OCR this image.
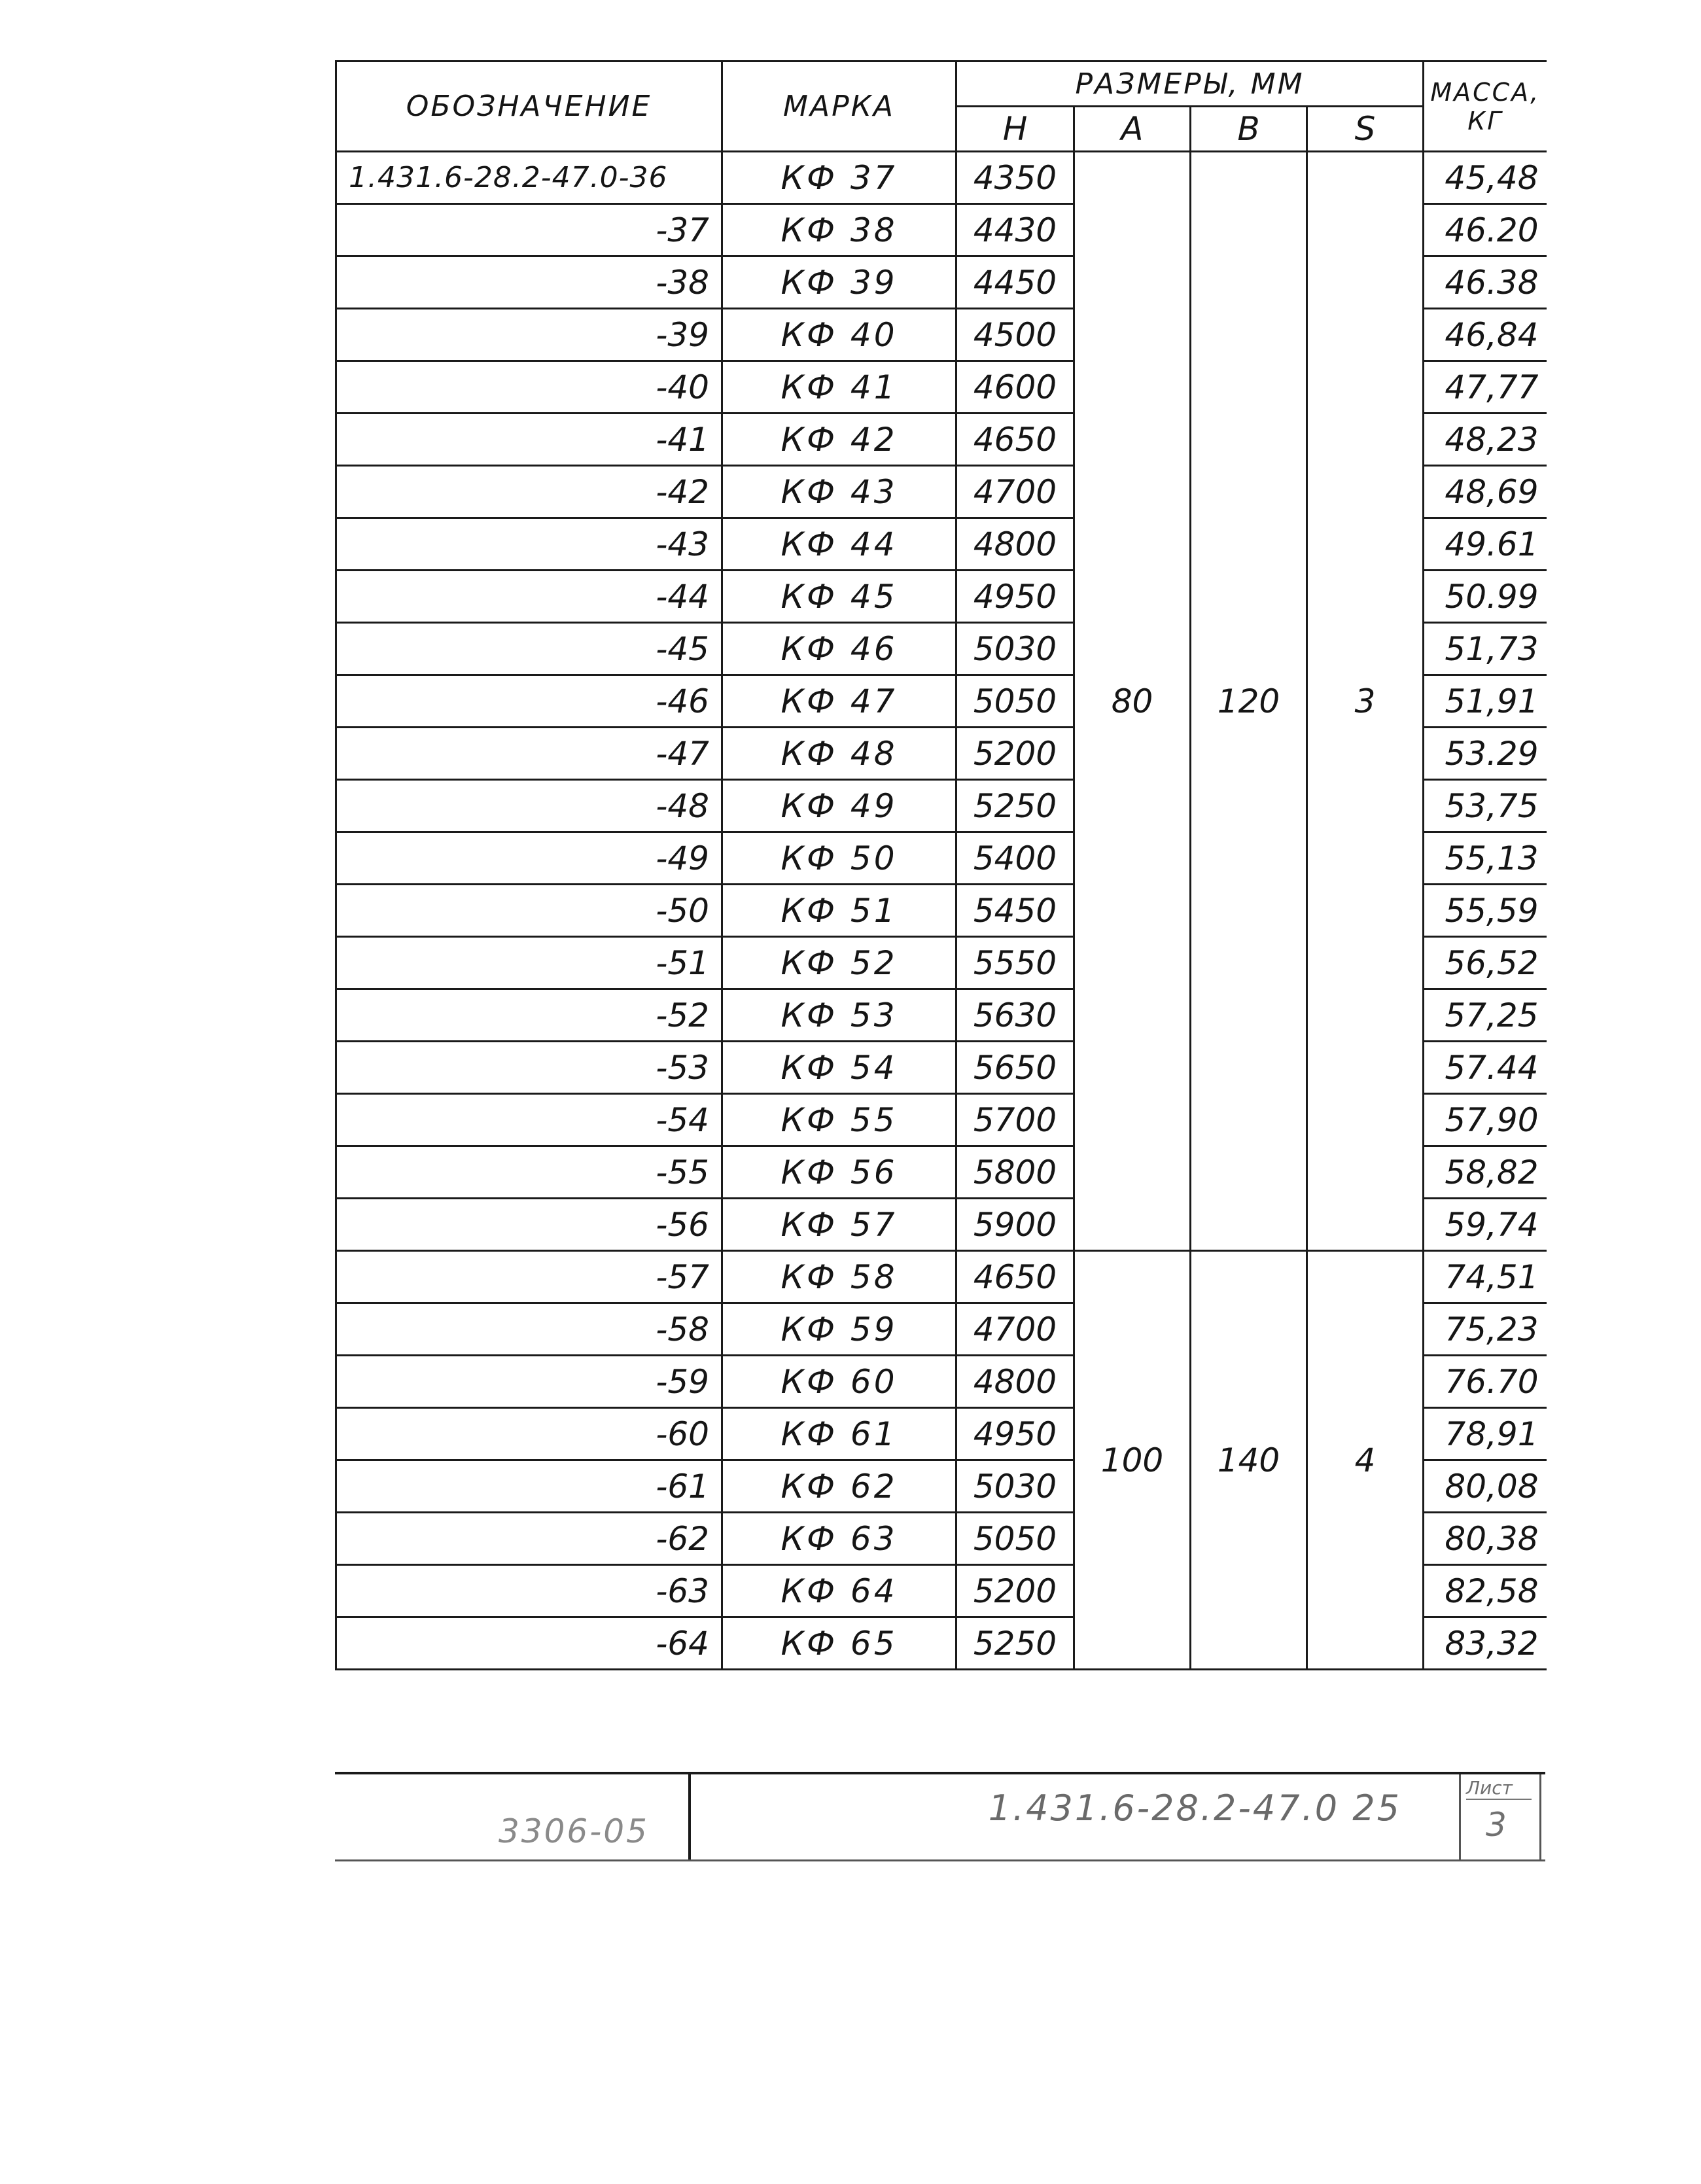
ОБОЗНАЧЕНИЕ	МАРКА	РАЗМЕРЫ, ММ				МАССА, КГ
		H	A	В	S	
1.431.6-28.2-47.0-36	КФ 37	4350	80	120	3	45,48
-37	КФ 38	4430				46.20
-38	КФ 39	4450				46.38
-39	КФ 40	4500				46,84
-40	КФ 41	4600				47,77
-41	КФ 42	4650				48,23
-42	КФ 43	4700				48,69
-43	КФ 44	4800				49.61
-44	КФ 45	4950				50.99
-45	КФ 46	5030				51,73
-46	КФ 47	5050				51,91
-47	КФ 48	5200				53.29
-48	КФ 49	5250				53,75
-49	КФ 50	5400				55,13
-50	КФ 51	5450				55,59
-51	КФ 52	5550				56,52
-52	КФ 53	5630				57,25
-53	КФ 54	5650				57.44
-54	КФ 55	5700				57,90
-55	КФ 56	5800				58,82
-56	КФ 57	5900				59,74
-57	КФ 58	4650	100	140	4	74,51
-58	КФ 59	4700				75,23
-59	КФ 60	4800				76.70
-60	КФ 61	4950				78,91
-61	КФ 62	5030				80,08
-62	КФ 63	5050				80,38
-63	КФ 64	5200				82,58
-64	КФ 65	5250				83,32
3306-05
1.431.6-28.2-47.0 25	Лист
3
